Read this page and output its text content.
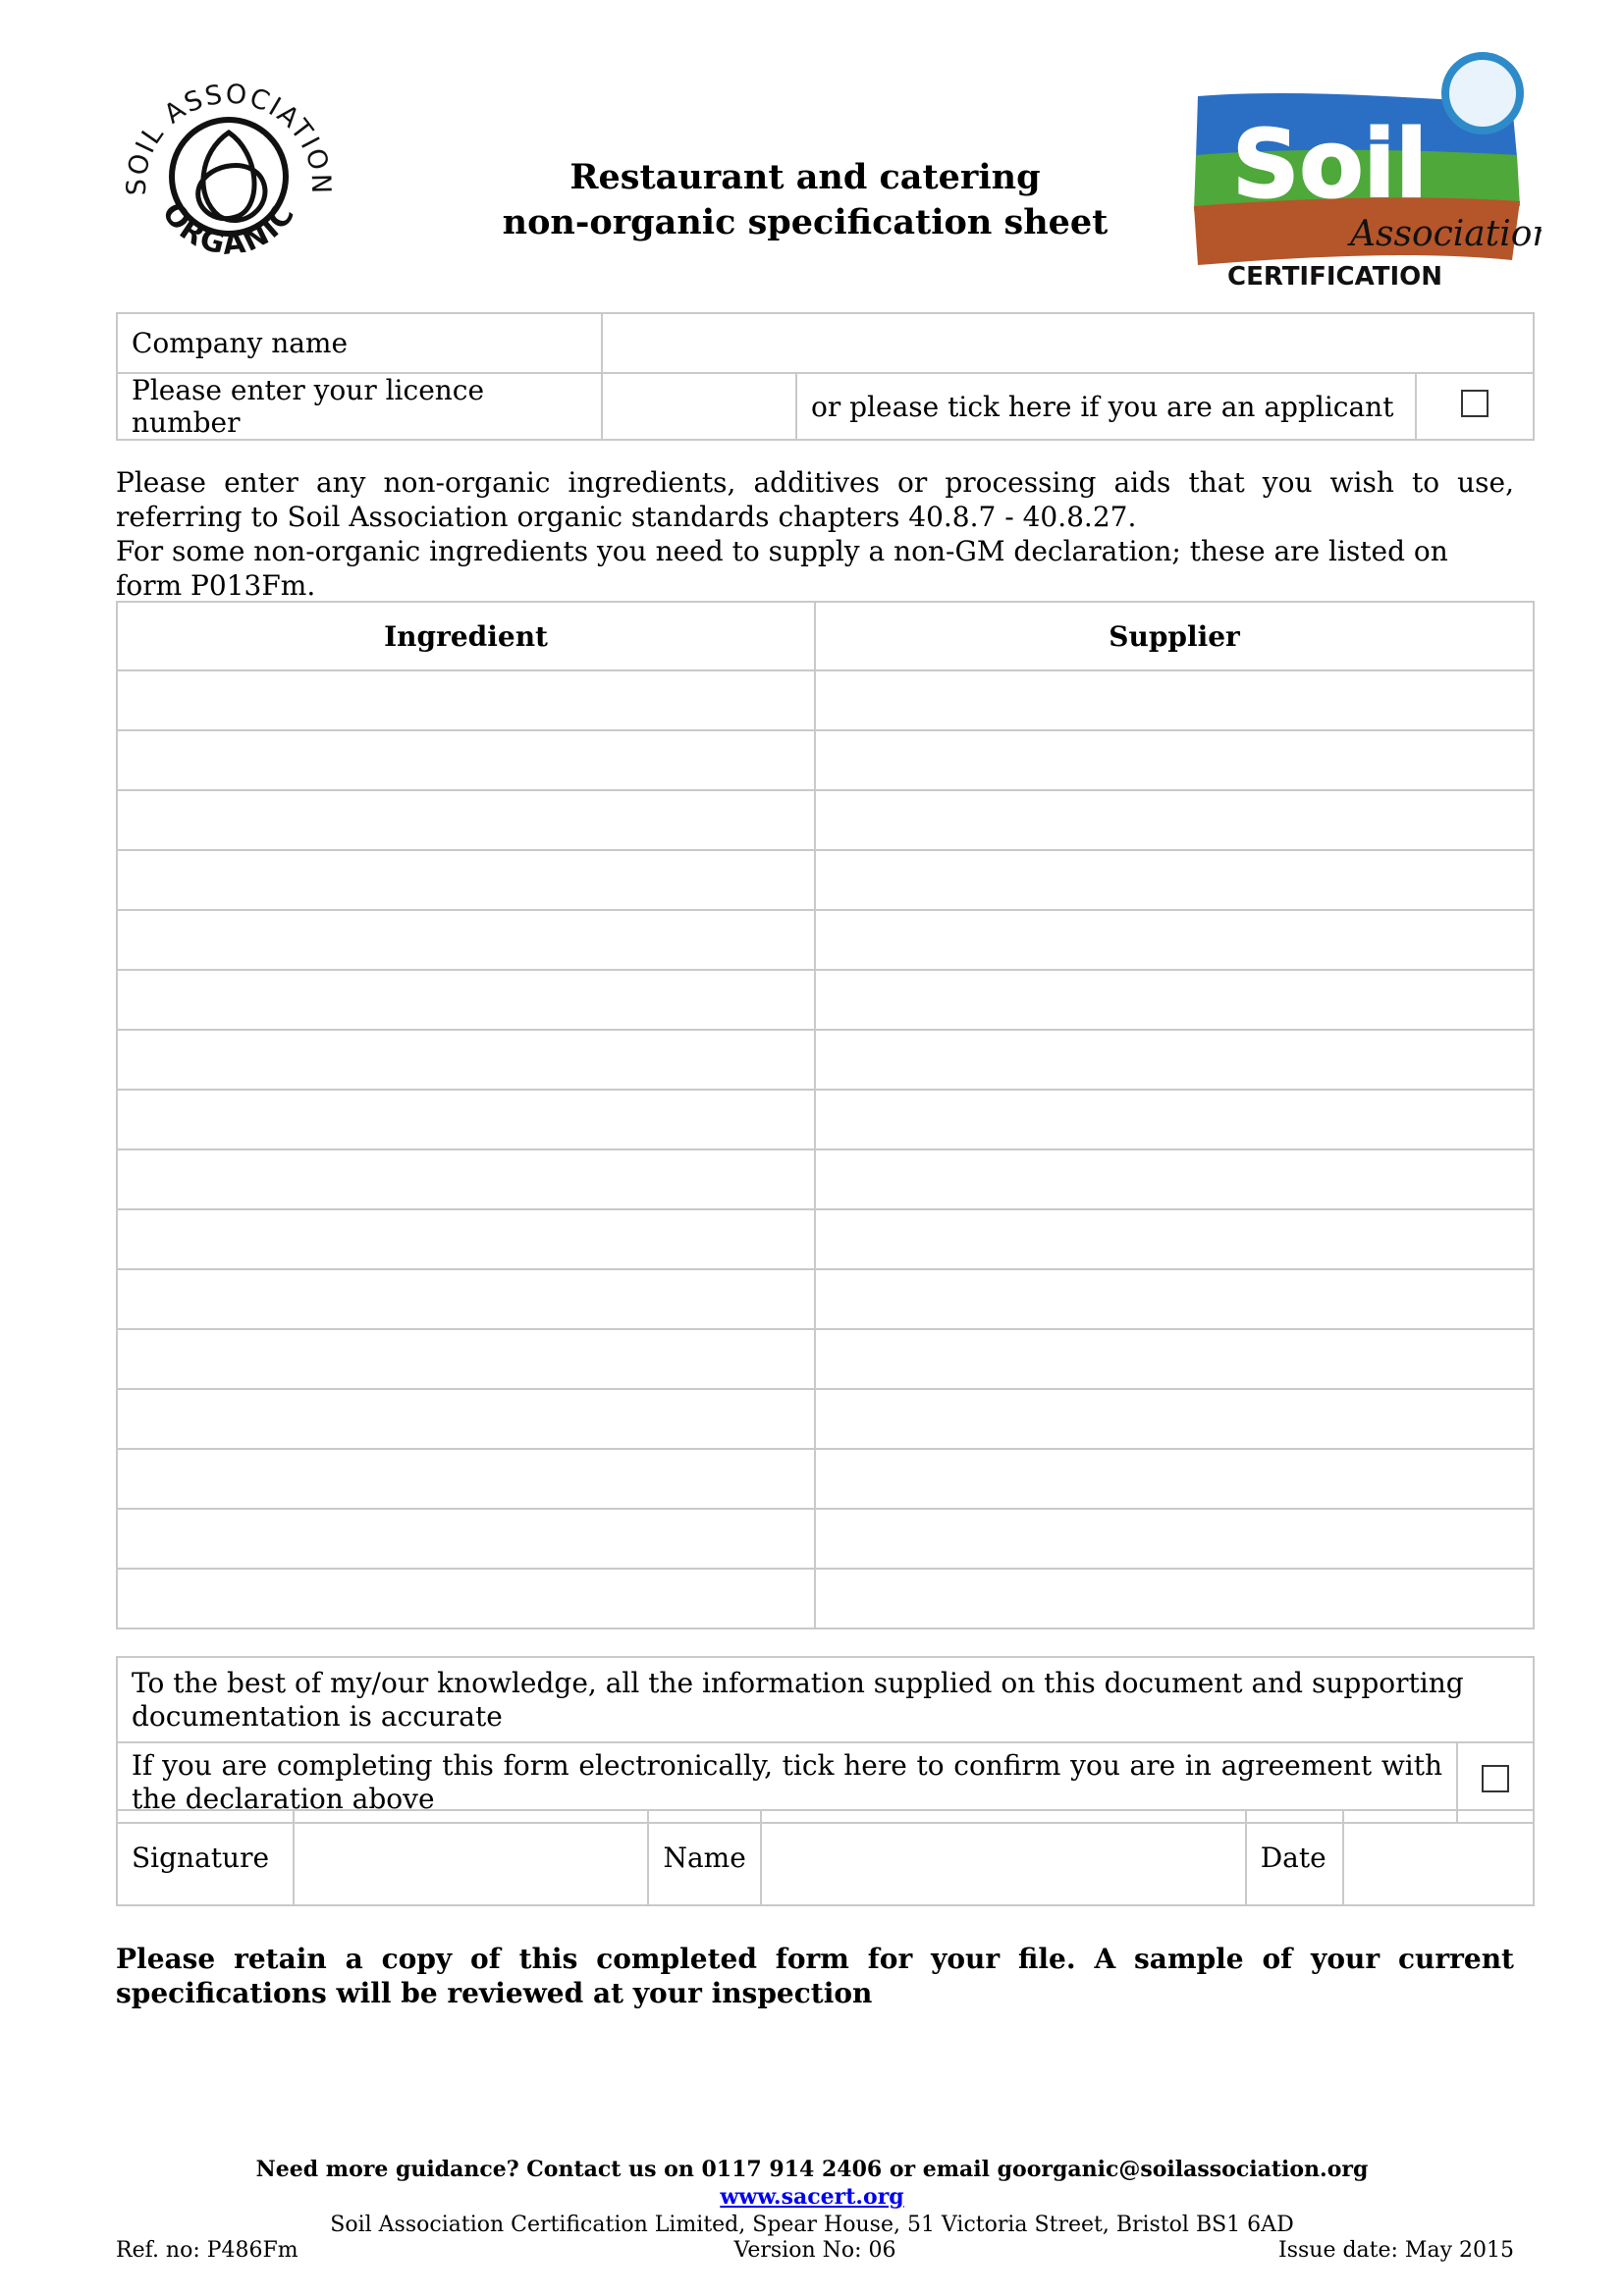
SOIL ASSOCIATION
ORGANIC
Restaurant and catering
non-organic specification sheet
Soil
Association
CERTIFICATION
Company name			
Please enter your licence number		or please tick here if you are an applicant	

Please enter any non-organic ingredients, additives or processing aids that you wish to use, referring to Soil Association organic standards chapters 40.8.7 - 40.8.27.

For some non-organic ingredients you need to supply a non-GM declaration; these are listed on form P013Fm.

Ingredient	Supplier

To the best of my/our knowledge, all the information supplied on this document and supporting documentation is accurate
If you are completing this form electronically, tick here to confirm you are in agreement with the declaration above	
Signature		Name		Date	
Please retain a copy of this completed form for your file. A sample of your current specifications will be reviewed at your inspection
Need more guidance? Contact us on 0117 914 2406 or email goorganic@soilassociation.org
www.sacert.org
Soil Association Certification Limited, Spear House, 51 Victoria Street, Bristol BS1 6AD
Ref. no: P486Fm	Version No: 06	Issue date: May 2015
